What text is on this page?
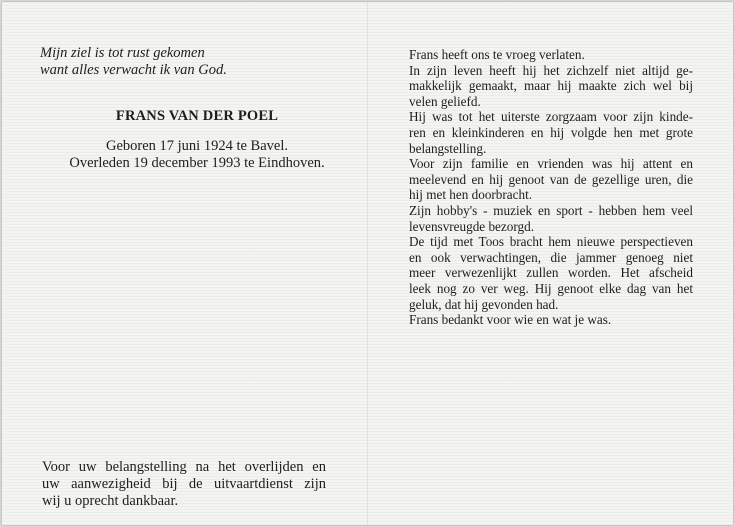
Mijn ziel is tot rust gekomen
want alles verwacht ik van God.
FRANS VAN DER POEL
Geboren 17 juni 1924 te Bavel.
Overleden 19 december 1993 te Eindhoven.
Voor uw belangstelling na het overlijden en
uw aanwezigheid bij de uitvaartdienst zijn
wij u oprecht dankbaar.
Frans heeft ons te vroeg verlaten.
In zijn leven heeft hij het zichzelf niet altijd ge-
makkelijk gemaakt, maar hij maakte zich wel bij
velen geliefd.
Hij was tot het uiterste zorgzaam voor zijn kinde-
ren en kleinkinderen en hij volgde hen met grote
belangstelling.
Voor zijn familie en vrienden was hij attent en
meelevend en hij genoot van de gezellige uren, die
hij met hen doorbracht.
Zijn hobby's - muziek en sport - hebben hem veel
levensvreugde bezorgd.
De tijd met Toos bracht hem nieuwe perspectieven
en ook verwachtingen, die jammer genoeg niet
meer verwezenlijkt zullen worden. Het afscheid
leek nog zo ver weg. Hij genoot elke dag van het
geluk, dat hij gevonden had.
Frans bedankt voor wie en wat je was.
